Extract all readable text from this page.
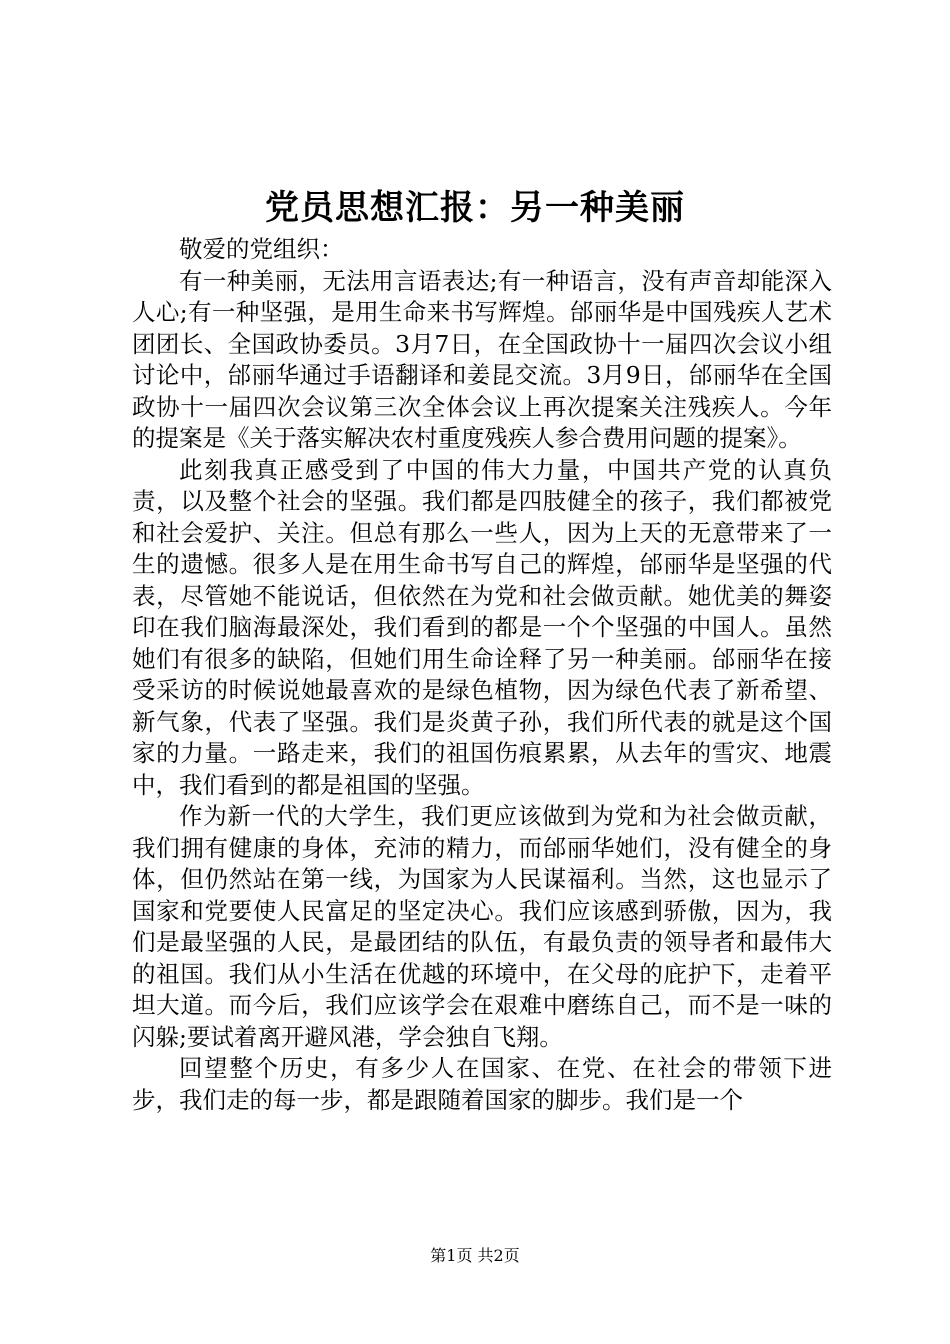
党员思想汇报：另一种美丽

敬爱的党组织：

有一种美丽，无法用言语表达;有一种语言，没有声音却能深入人心;有一种坚强，是用生命来书写辉煌。邰丽华是中国残疾人艺术团团长、全国政协委员。3月7日，在全国政协十一届四次会议小组讨论中，邰丽华通过手语翻译和姜昆交流。3月9日，邰丽华在全国政协十一届四次会议第三次全体会议上再次提案关注残疾人。今年的提案是《关于落实解决农村重度残疾人参合费用问题的提案》。

此刻我真正感受到了中国的伟大力量，中国共产党的认真负责，以及整个社会的坚强。我们都是四肢健全的孩子，我们都被党和社会爱护、关注。但总有那么一些人，因为上天的无意带来了一生的遗憾。很多人是在用生命书写自己的辉煌，邰丽华是坚强的代表，尽管她不能说话，但依然在为党和社会做贡献。她优美的舞姿印在我们脑海最深处，我们看到的都是一个个坚强的中国人。虽然她们有很多的缺陷，但她们用生命诠释了另一种美丽。邰丽华在接受采访的时候说她最喜欢的是绿色植物，因为绿色代表了新希望、新气象，代表了坚强。我们是炎黄子孙，我们所代表的就是这个国家的力量。一路走来，我们的祖国伤痕累累，从去年的雪灾、地震中，我们看到的都是祖国的坚强。

作为新一代的大学生，我们更应该做到为党和为社会做贡献，我们拥有健康的身体，充沛的精力，而邰丽华她们，没有健全的身体，但仍然站在第一线，为国家为人民谋福利。当然，这也显示了国家和党要使人民富足的坚定决心。我们应该感到骄傲，因为，我们是最坚强的人民，是最团结的队伍，有最负责的领导者和最伟大的祖国。我们从小生活在优越的环境中，在父母的庇护下，走着平坦大道。而今后，我们应该学会在艰难中磨练自己，而不是一味的闪躲;要试着离开避风港，学会独自飞翔。

回望整个历史，有多少人在国家、在党、在社会的带领下进步，我们走的每一步，都是跟随着国家的脚步。我们是一个

第1页 共2页
